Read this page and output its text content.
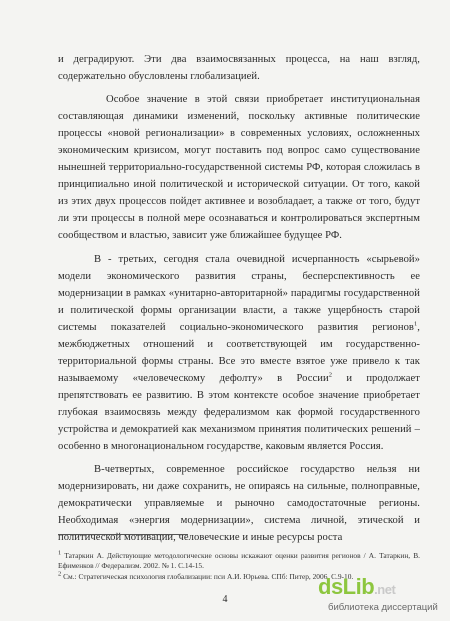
и деградируют. Эти два взаимосвязанных процесса, на наш взгляд, содержательно обусловлены глобализацией.

Особое значение в этой связи приобретает институциональная составляющая динамики изменений, поскольку активные политические процессы «новой регионализации» в современных условиях, осложненных экономическим кризисом, могут поставить под вопрос само существование нынешней территориально-государственной системы РФ, которая сложилась в принципиально иной политической и исторической ситуации. От того, какой из этих двух процессов пойдет активнее и возобладает, а также от того, будут ли эти процессы в полной мере осознаваться и контролироваться экспертным сообществом и властью, зависит уже ближайшее будущее РФ.

В - третьих, сегодня стала очевидной исчерпанность «сырьевой» модели экономического развития страны, бесперспективность ее модернизации в рамках «унитарно-авторитарной» парадигмы государственной и политической формы организации власти, а также ущербность старой системы показателей социально-экономического развития регионов$^1$, межбюджетных отношений и соответствующей им государственно-территориальной формы страны. Все это вместе взятое уже привело к так называемому «человеческому дефолту» в России$^2$ и продолжает препятствовать ее развитию. В этом контексте особое значение приобретает глубокая взаимосвязь между федерализмом как формой государственного устройства и демократией как механизмом принятия политических решений – особенно в многонациональном государстве, каковым является Россия.

В-четвертых, современное российское государство нельзя ни модернизировать, ни даже сохранить, не опираясь на сильные, полноправные, демократически управляемые и рыночно самодостаточные регионы. Необходимая «энергия модернизации», система личной, этической и политической мотивации, человеческие и иные ресурсы роста

$^1$ Татаркин А. Действующие методологические основы искажают оценки развития регионов / А. Татаркин, В. Ефименков // Федерализм. 2002. № 1. С.14-15.

$^2$ См.: Стратегическая психология глобализации: пси А.И. Юрьева. СПб: Питер, 2006. С.9-10.

4
dsLib.net
библиотека диссертаций
